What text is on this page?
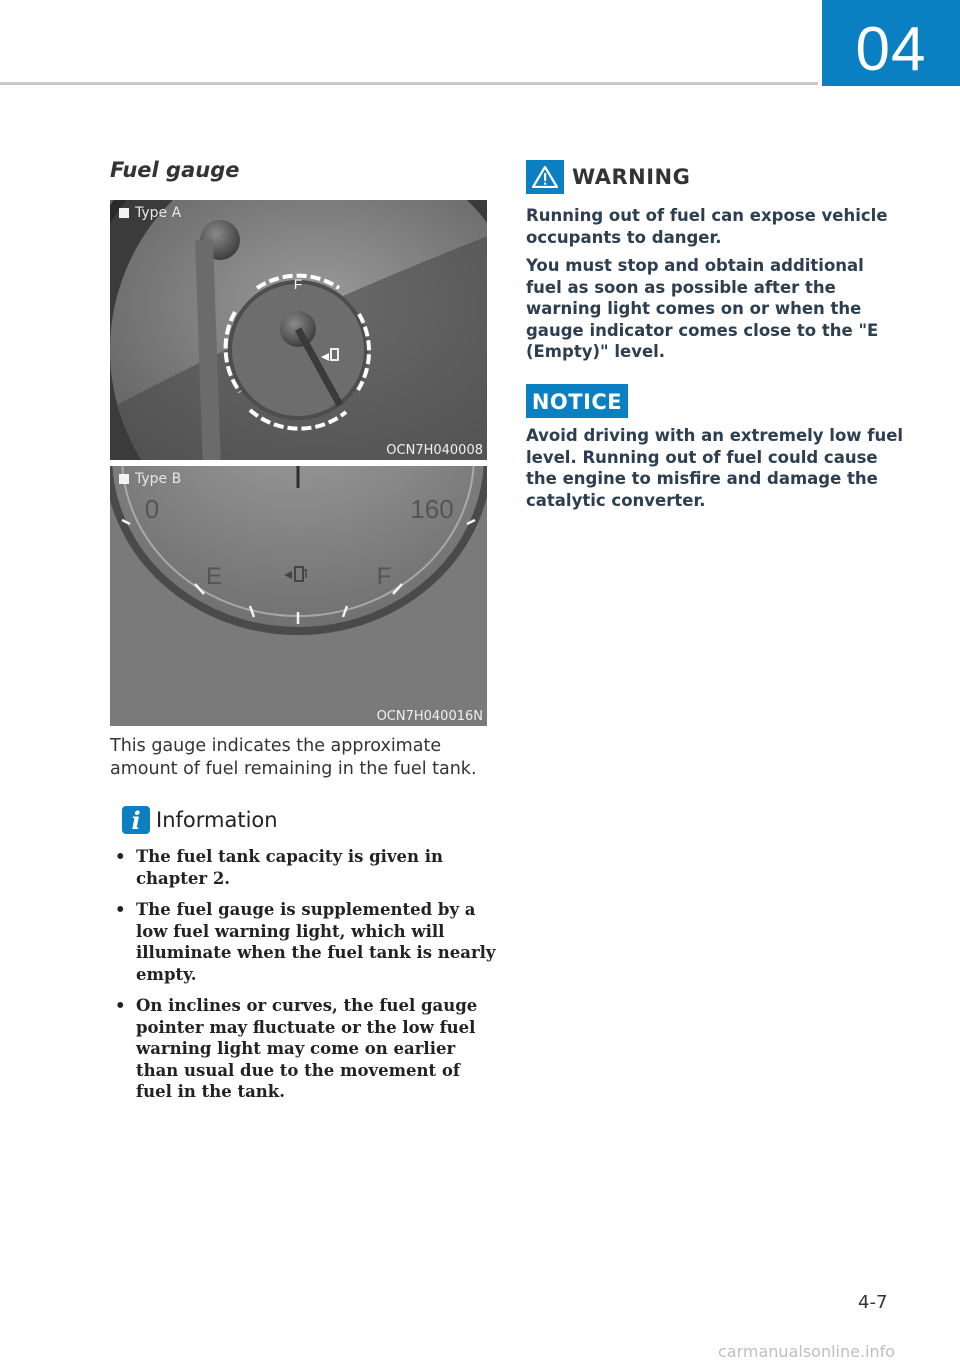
04
Fuel gauge
F
Type A
OCN7H040008
0	160
E	F
Type B
OCN7H040016N

This gauge indicates the approximate amount of fuel remaining in the fuel tank.

i Information
• The fuel tank capacity is given in chapter 2.
• The fuel gauge is supplemented by a low fuel warning light, which will illuminate when the fuel tank is nearly empty.
• On inclines or curves, the fuel gauge pointer may fluctuate or the low fuel warning light may come on earlier than usual due to the movement of fuel in the tank.
WARNING

Running out of fuel can expose vehicle occupants to danger.

You must stop and obtain additional fuel as soon as possible after the warning light comes on or when the gauge indicator comes close to the "E (Empty)" level.

NOTICE

Avoid driving with an extremely low fuel level. Running out of fuel could cause the engine to misfire and damage the catalytic converter.

4-7
carmanualsonline.info
